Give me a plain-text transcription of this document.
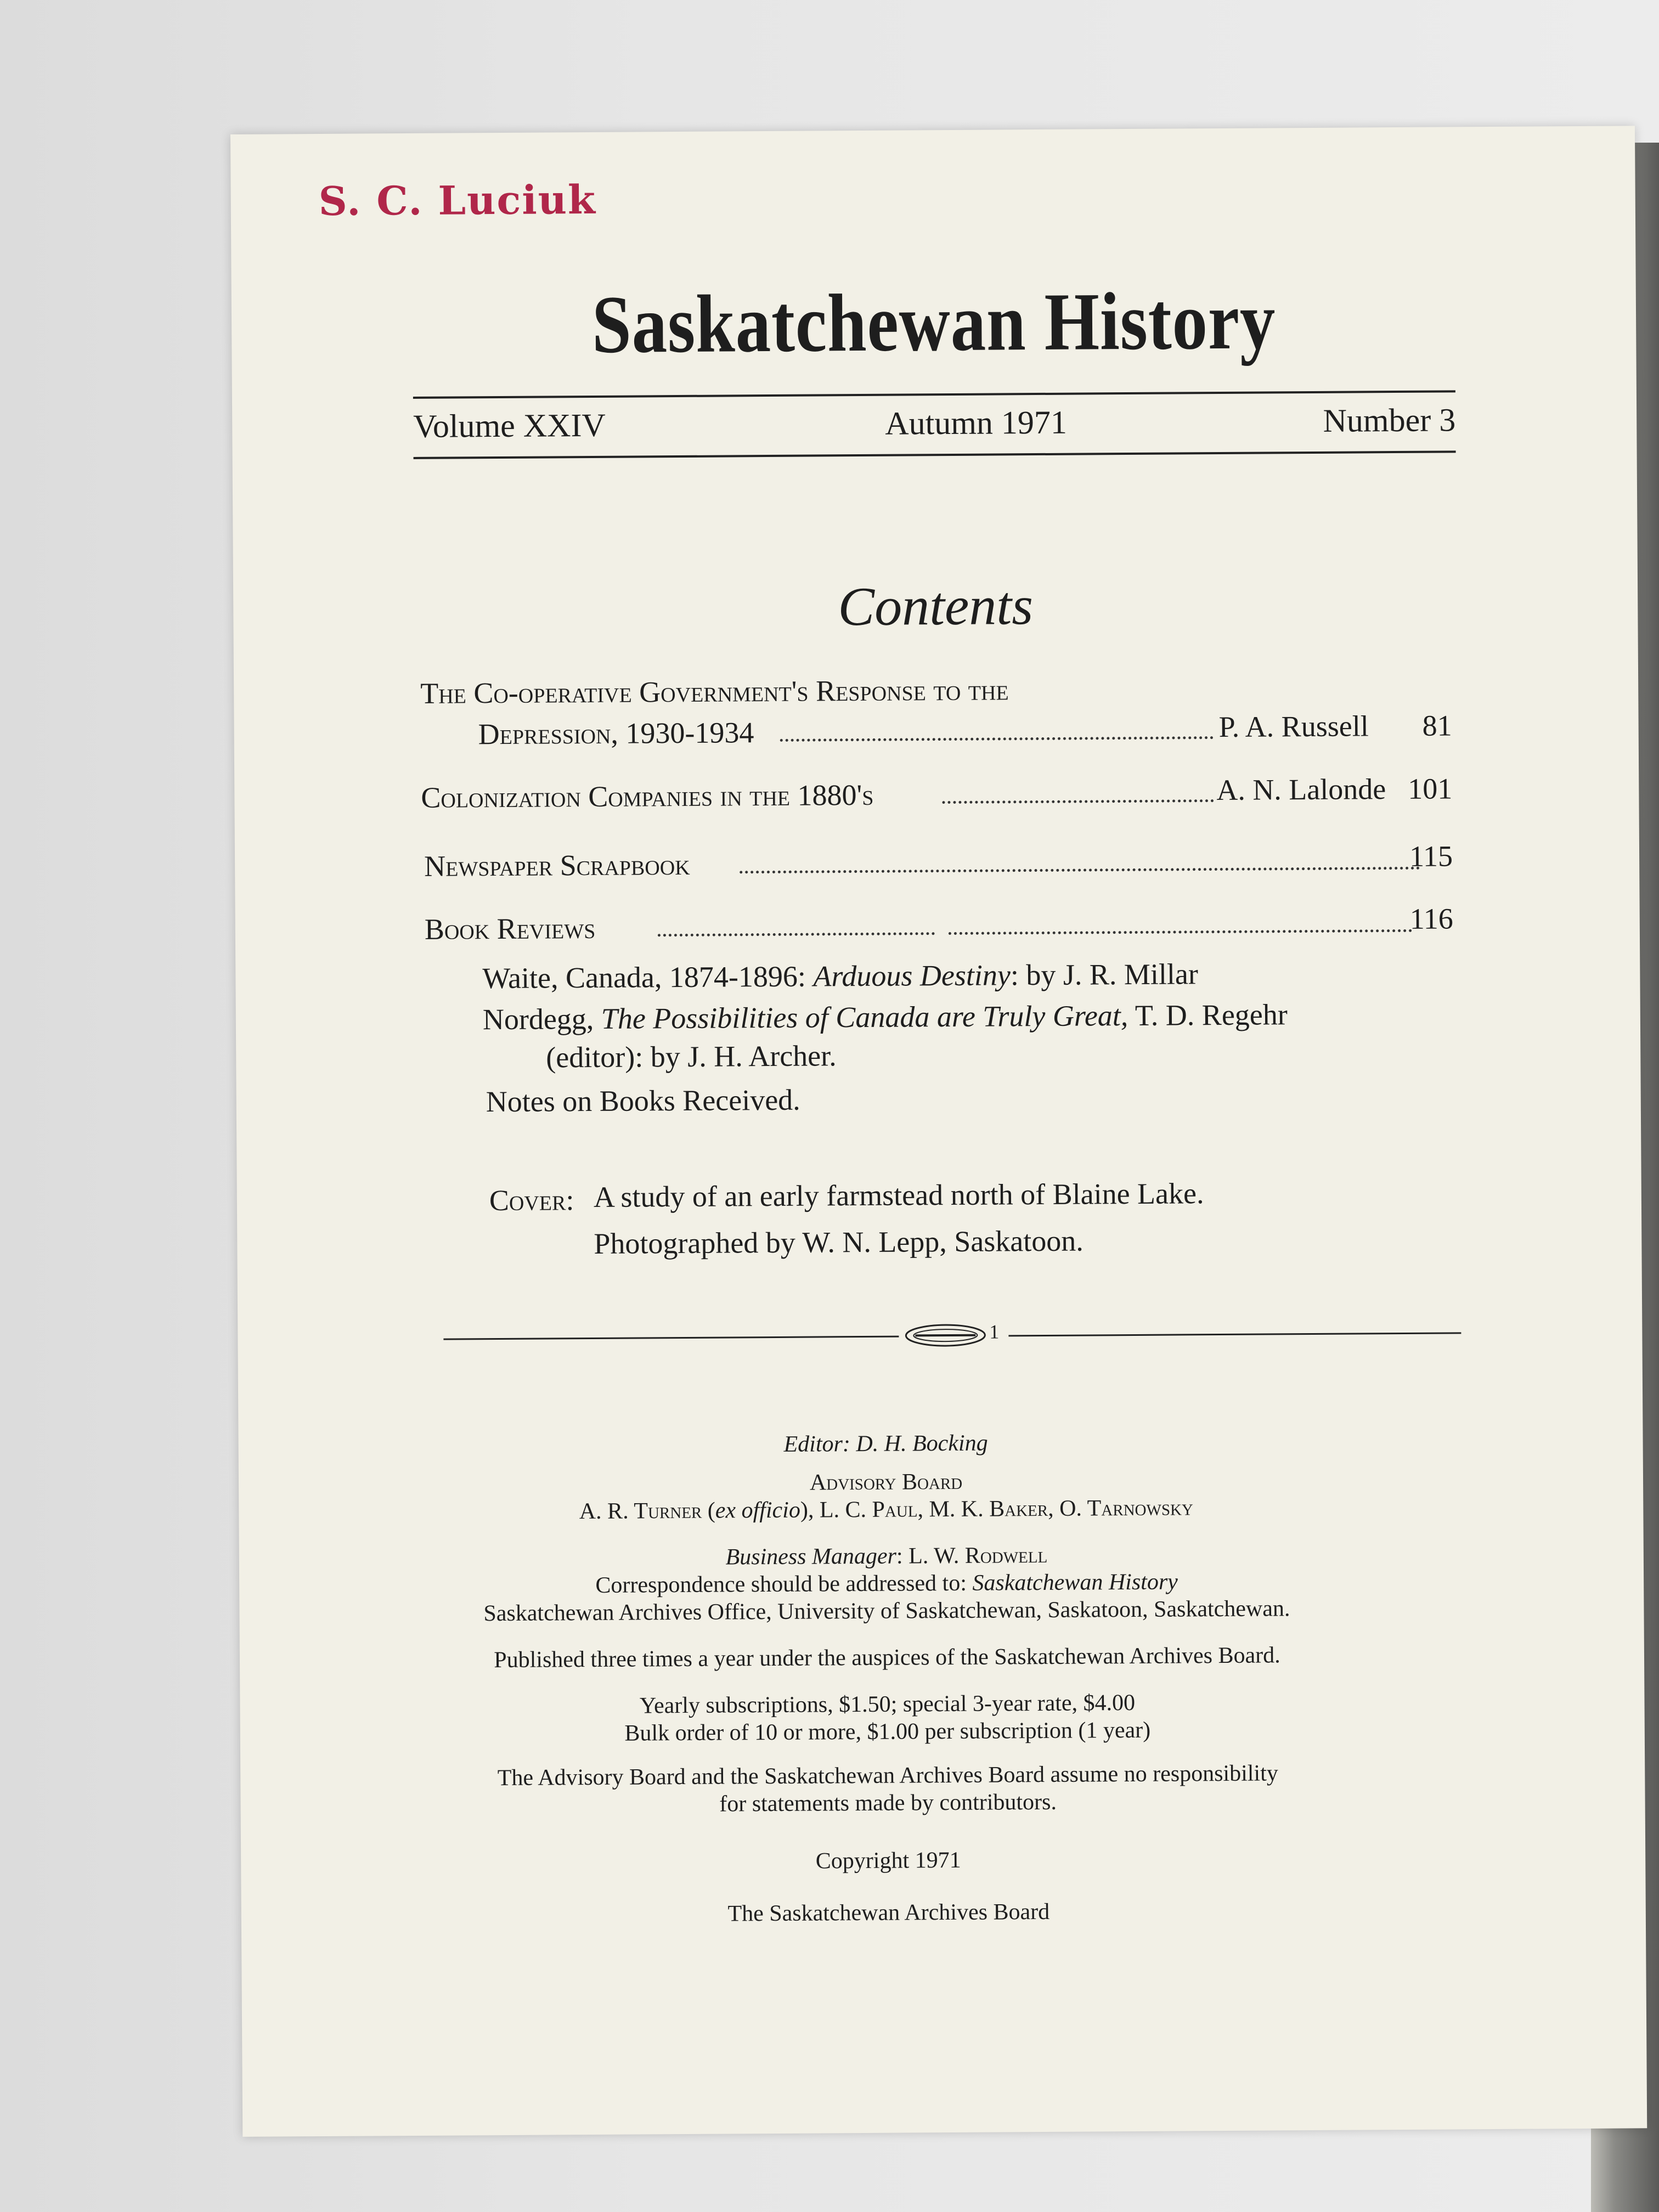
S. C. Luciuk
Saskatchewan History
Volume XXIV	Autumn 1971	Number 3
Contents
The Co-operative Government's Response to the
Depression, 1930-1934	P. A. Russell 81
Colonization Companies in the 1880's	A. N. Lalonde 101
Newspaper Scrapbook	115
Book Reviews	116
Waite, Canada, 1874-1896: Arduous Destiny: by J. R. Millar
Nordegg, The Possibilities of Canada are Truly Great, T. D. Regehr
(editor): by J. H. Archer.
Notes on Books Received.
Cover: A study of an early farmstead north of Blaine Lake.
Photographed by W. N. Lepp, Saskatoon.
1
Editor: D. H. Bocking
Advisory Board
A. R. Turner (ex officio), L. C. Paul, M. K. Baker, O. Tarnowsky
Business Manager: L. W. Rodwell
Correspondence should be addressed to: Saskatchewan History
Saskatchewan Archives Office, University of Saskatchewan, Saskatoon, Saskatchewan.
Published three times a year under the auspices of the Saskatchewan Archives Board.
Yearly subscriptions, $1.50; special 3-year rate, $4.00
Bulk order of 10 or more, $1.00 per subscription (1 year)
The Advisory Board and the Saskatchewan Archives Board assume no responsibility
for statements made by contributors.
Copyright 1971
The Saskatchewan Archives Board
